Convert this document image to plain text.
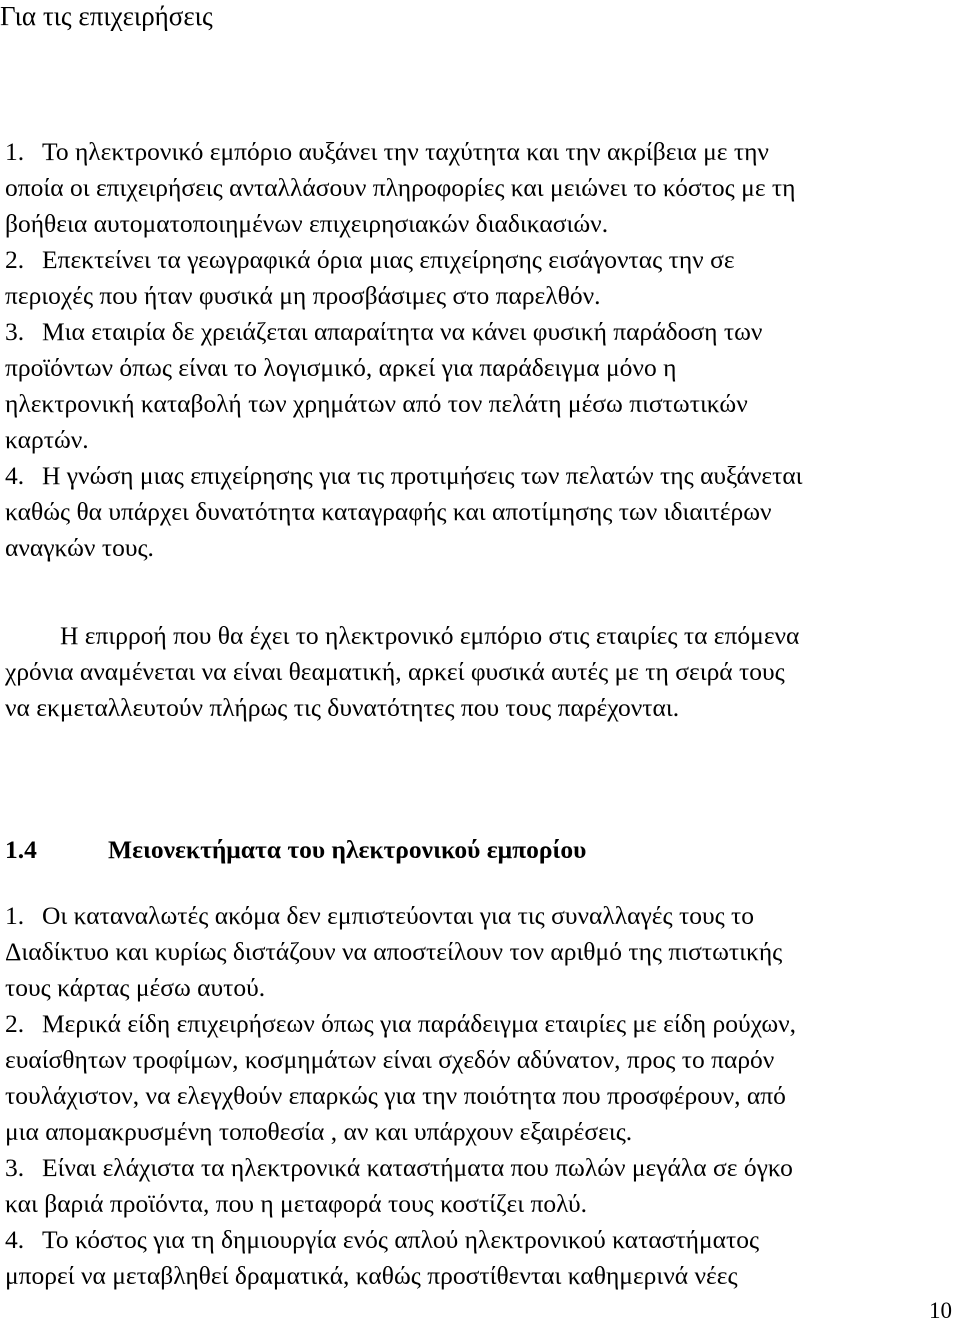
Για τις επιχειρήσεις
1. Το ηλεκτρονικό εμπόριο αυξάνει την ταχύτητα και την ακρίβεια με την
οποία οι επιχειρήσεις ανταλλάσουν πληροφορίες και μειώνει το κόστος με τη
βοήθεια αυτοματοποιημένων επιχειρησιακών διαδικασιών.
2. Επεκτείνει τα γεωγραφικά όρια μιας επιχείρησης εισάγοντας την σε
περιοχές που ήταν φυσικά μη προσβάσιμες στο παρελθόν.
3. Μια εταιρία δε χρειάζεται απαραίτητα να κάνει φυσική παράδοση των
προϊόντων όπως είναι το λογισμικό, αρκεί για παράδειγμα μόνο η
ηλεκτρονική καταβολή των χρημάτων από τον πελάτη μέσω πιστωτικών
καρτών.
4. Η γνώση μιας επιχείρησης για τις προτιμήσεις των πελατών της αυξάνεται
καθώς θα υπάρχει δυνατότητα καταγραφής και αποτίμησης των ιδιαιτέρων
αναγκών τους.
Η επιρροή που θα έχει το ηλεκτρονικό εμπόριο στις εταιρίες τα επόμενα
χρόνια αναμένεται να είναι θεαματική, αρκεί φυσικά αυτές με τη σειρά τους
να εκμεταλλευτούν πλήρως τις δυνατότητες που τους παρέχονται.
1.4	Μειονεκτήματα του ηλεκτρονικού εμπορίου
1. Οι καταναλωτές ακόμα δεν εμπιστεύονται για τις συναλλαγές τους το
Διαδίκτυο και κυρίως διστάζουν να αποστείλουν τον αριθμό της πιστωτικής
τους κάρτας μέσω αυτού.
2. Μερικά είδη επιχειρήσεων όπως για παράδειγμα εταιρίες με είδη ρούχων,
ευαίσθητων τροφίμων, κοσμημάτων είναι σχεδόν αδύνατον, προς το παρόν
τουλάχιστον, να ελεγχθούν επαρκώς για την ποιότητα που προσφέρουν, από
μια απομακρυσμένη τοποθεσία , αν και υπάρχουν εξαιρέσεις.
3. Είναι ελάχιστα τα ηλεκτρονικά καταστήματα που πωλών μεγάλα σε όγκο
και βαριά προϊόντα, που η μεταφορά τους κοστίζει πολύ.
4. Το κόστος για τη δημιουργία ενός απλού ηλεκτρονικού καταστήματος
μπορεί να μεταβληθεί δραματικά, καθώς προστίθενται καθημερινά νέες
10
